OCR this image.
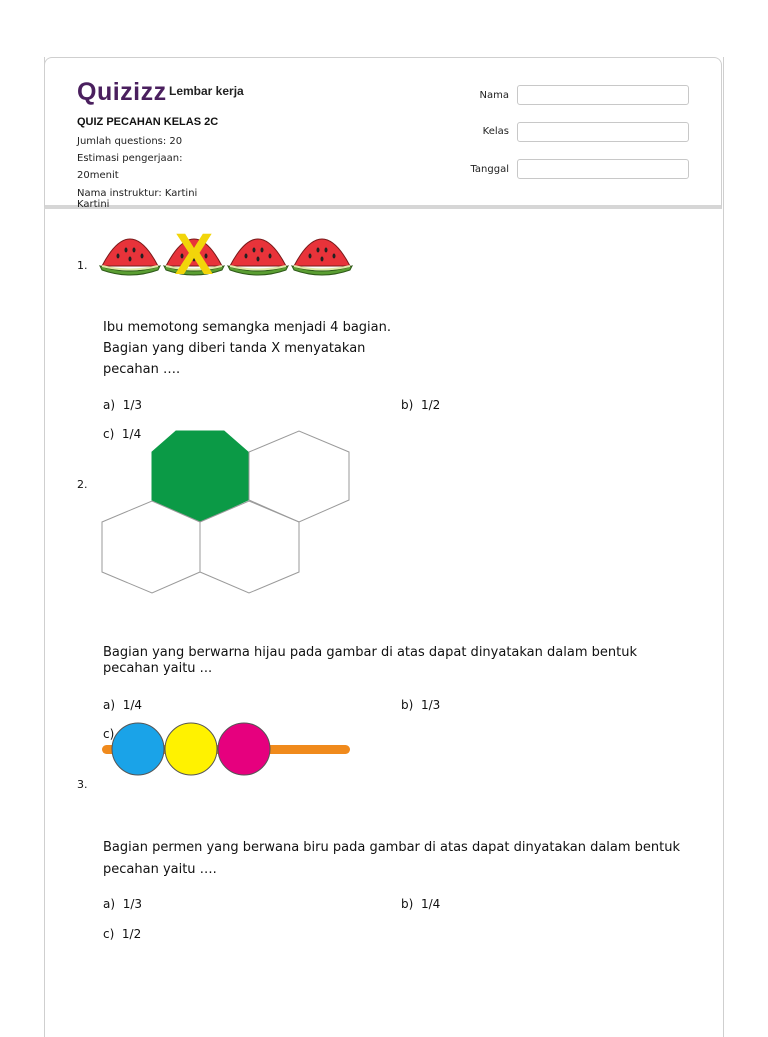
Quizizz Lembar kerja
QUIZ PECAHAN KELAS 2C
Jumlah questions: 20
Estimasi pengerjaan:
20menit
Nama instruktur: Kartini
Kartini
Nama
Kelas
Tanggal
1. X
Ibu memotong semangka menjadi 4 bagian.
Bagian yang diberi tanda X menyatakan
pecahan ….
a) 1/3	b) 1/2
c) 1/4
2.
Bagian yang berwarna hijau pada gambar di atas dapat dinyatakan dalam bentuk
pecahan yaitu ...
a) 1/4	b) 1/3
c)
3.
Bagian permen yang berwana biru pada gambar di atas dapat dinyatakan dalam bentuk
pecahan yaitu ….
a) 1/3	b) 1/4
c) 1/2
